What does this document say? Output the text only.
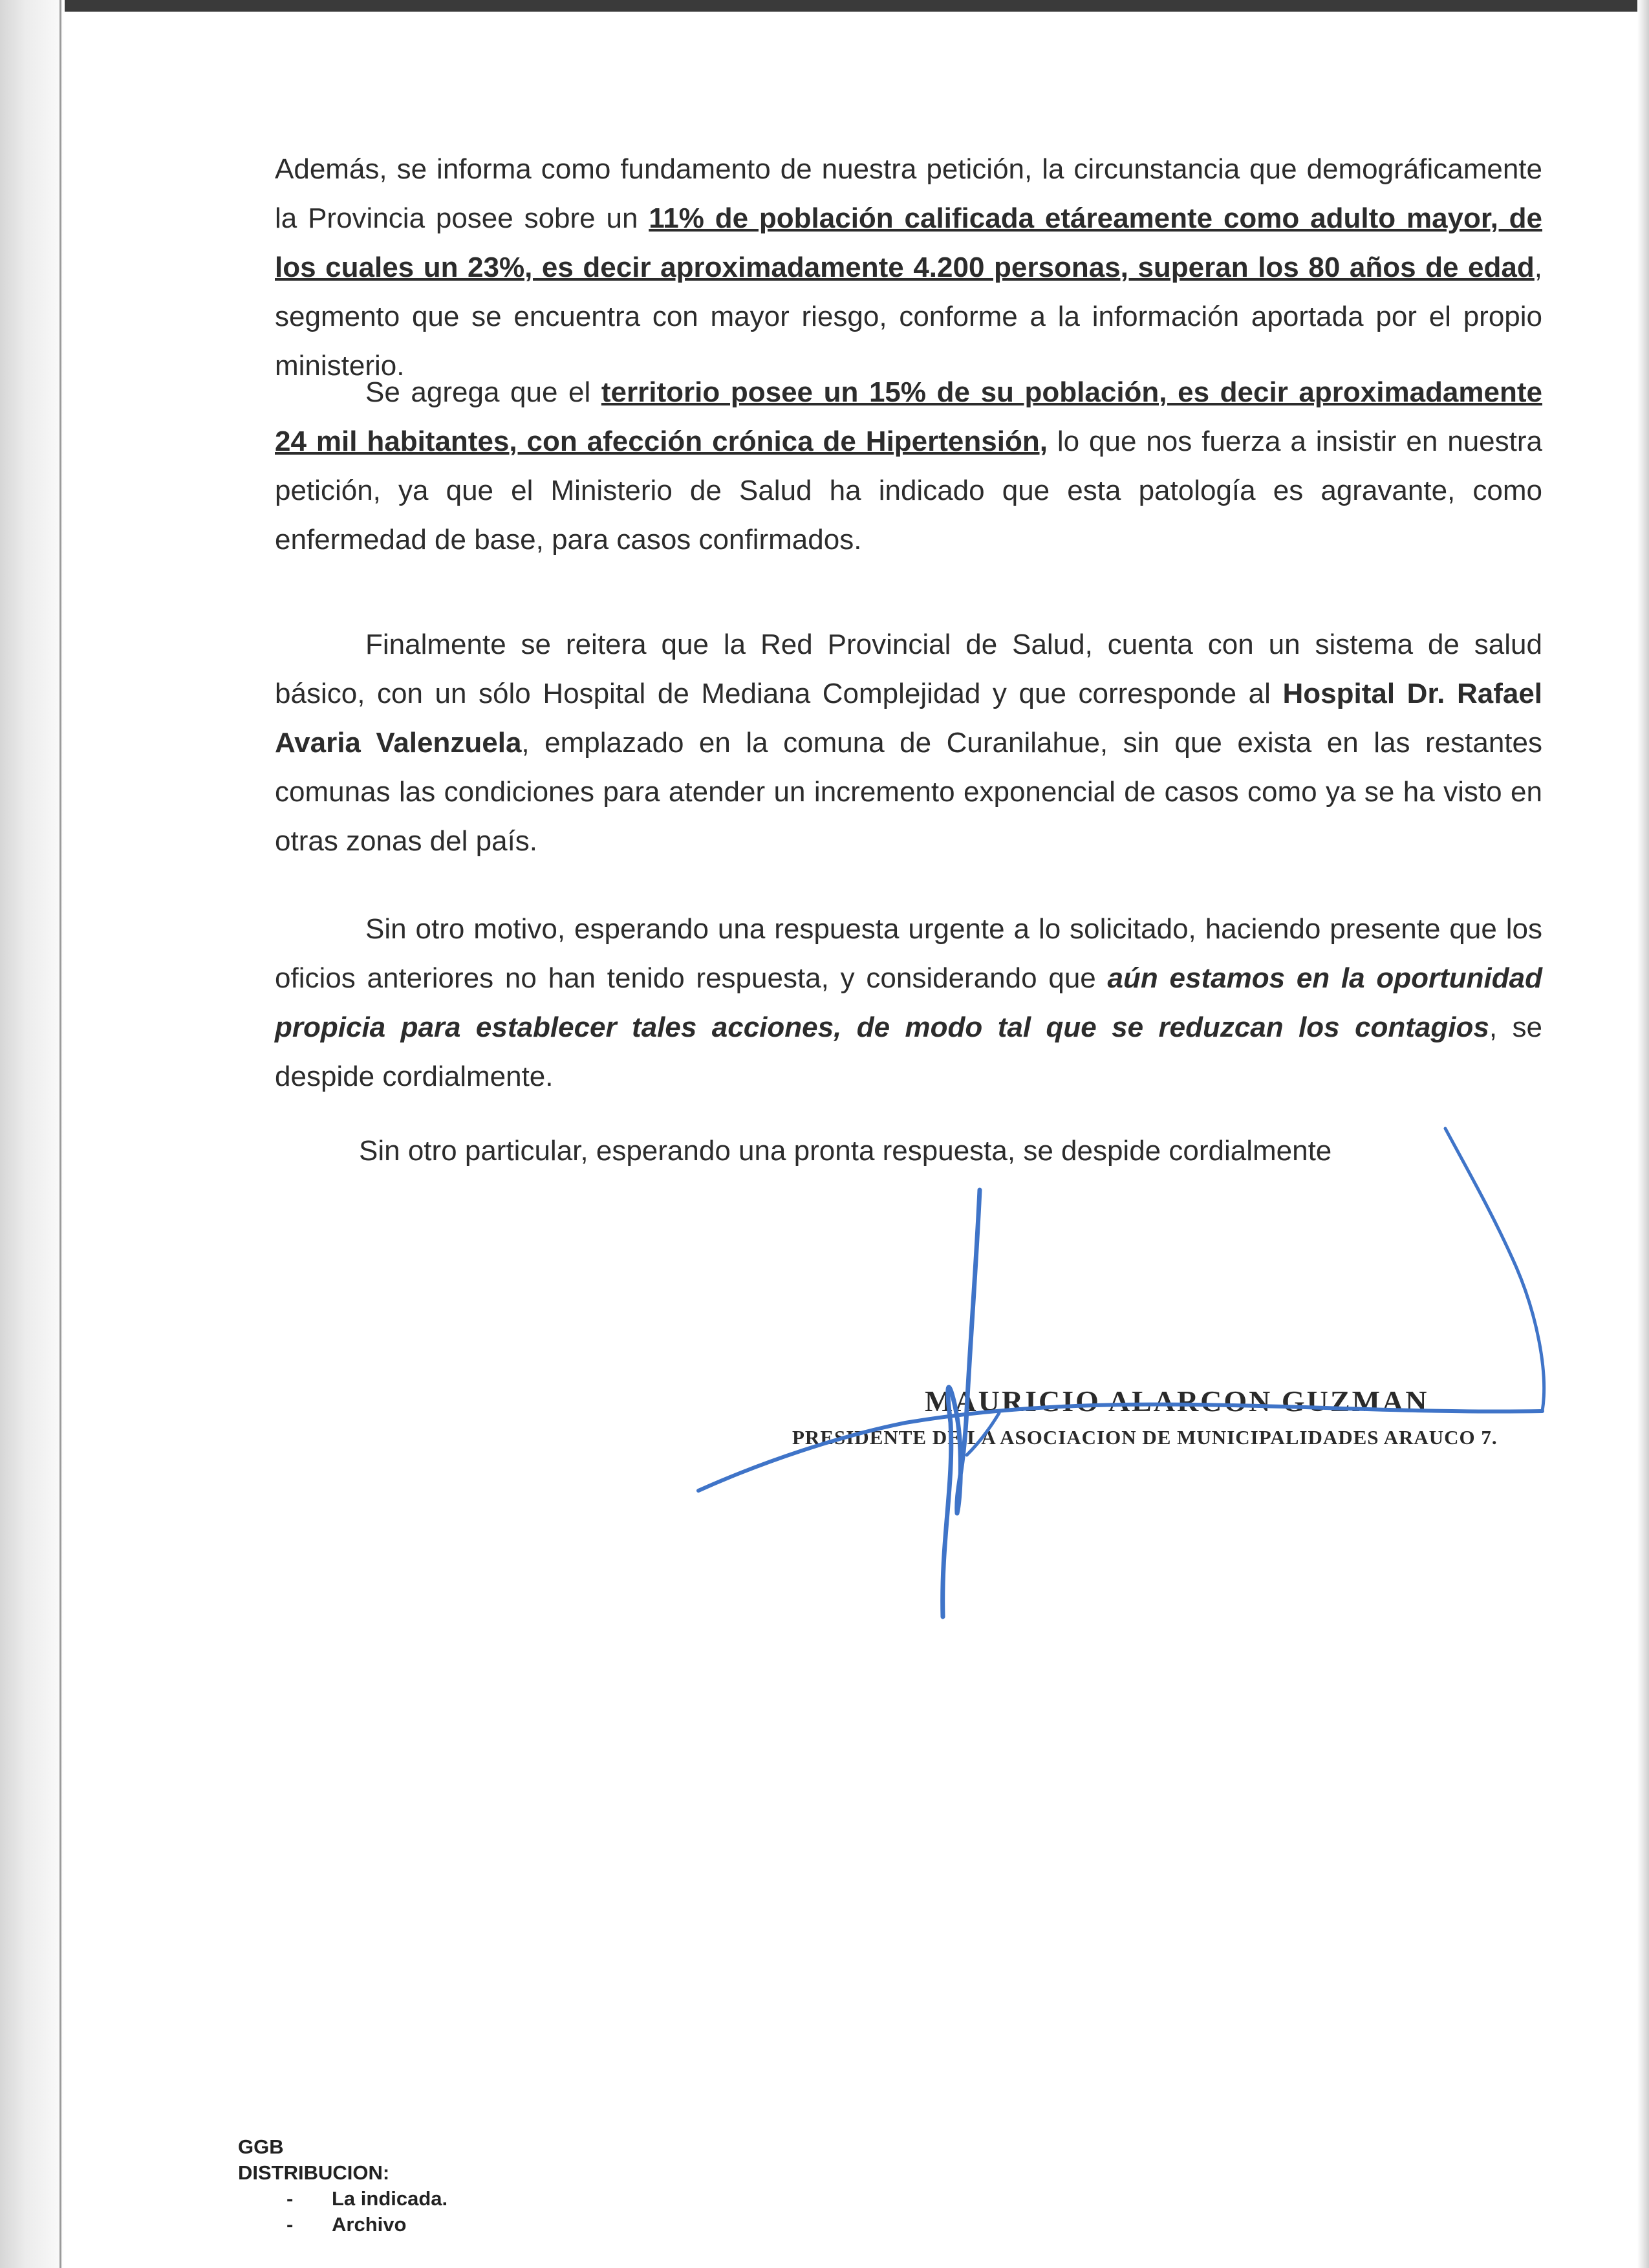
Además, se informa como fundamento de nuestra petición, la circunstancia que demográficamente la Provincia posee sobre un 11% de población calificada etáreamente como adulto mayor, de los cuales un 23%, es decir aproximadamente 4.200 personas, superan los 80 años de edad, segmento que se encuentra con mayor riesgo, conforme a la información aportada por el propio ministerio.

Se agrega que el territorio posee un 15% de su población, es decir aproximadamente 24 mil habitantes, con afección crónica de Hipertensión, lo que nos fuerza a insistir en nuestra petición, ya que el Ministerio de Salud ha indicado que esta patología es agravante, como enfermedad de base, para casos confirmados.

Finalmente se reitera que la Red Provincial de Salud, cuenta con un sistema de salud básico, con un sólo Hospital de Mediana Complejidad y que corresponde al Hospital Dr. Rafael Avaria Valenzuela, emplazado en la comuna de Curanilahue, sin que exista en las restantes comunas las condiciones para atender un incremento exponencial de casos como ya se ha visto en otras zonas del país.

Sin otro motivo, esperando una respuesta urgente a lo solicitado, haciendo presente que los oficios anteriores no han tenido respuesta, y considerando que aún estamos en la oportunidad propicia para establecer tales acciones, de modo tal que se reduzcan los contagios, se despide cordialmente.

Sin otro particular, esperando una pronta respuesta, se despide cordialmente
MAURICIO ALARCON GUZMAN
PRESIDENTE DE LA ASOCIACION DE MUNICIPALIDADES ARAUCO 7.
GGB
DISTRIBUCION:
- La indicada.
- Archivo
